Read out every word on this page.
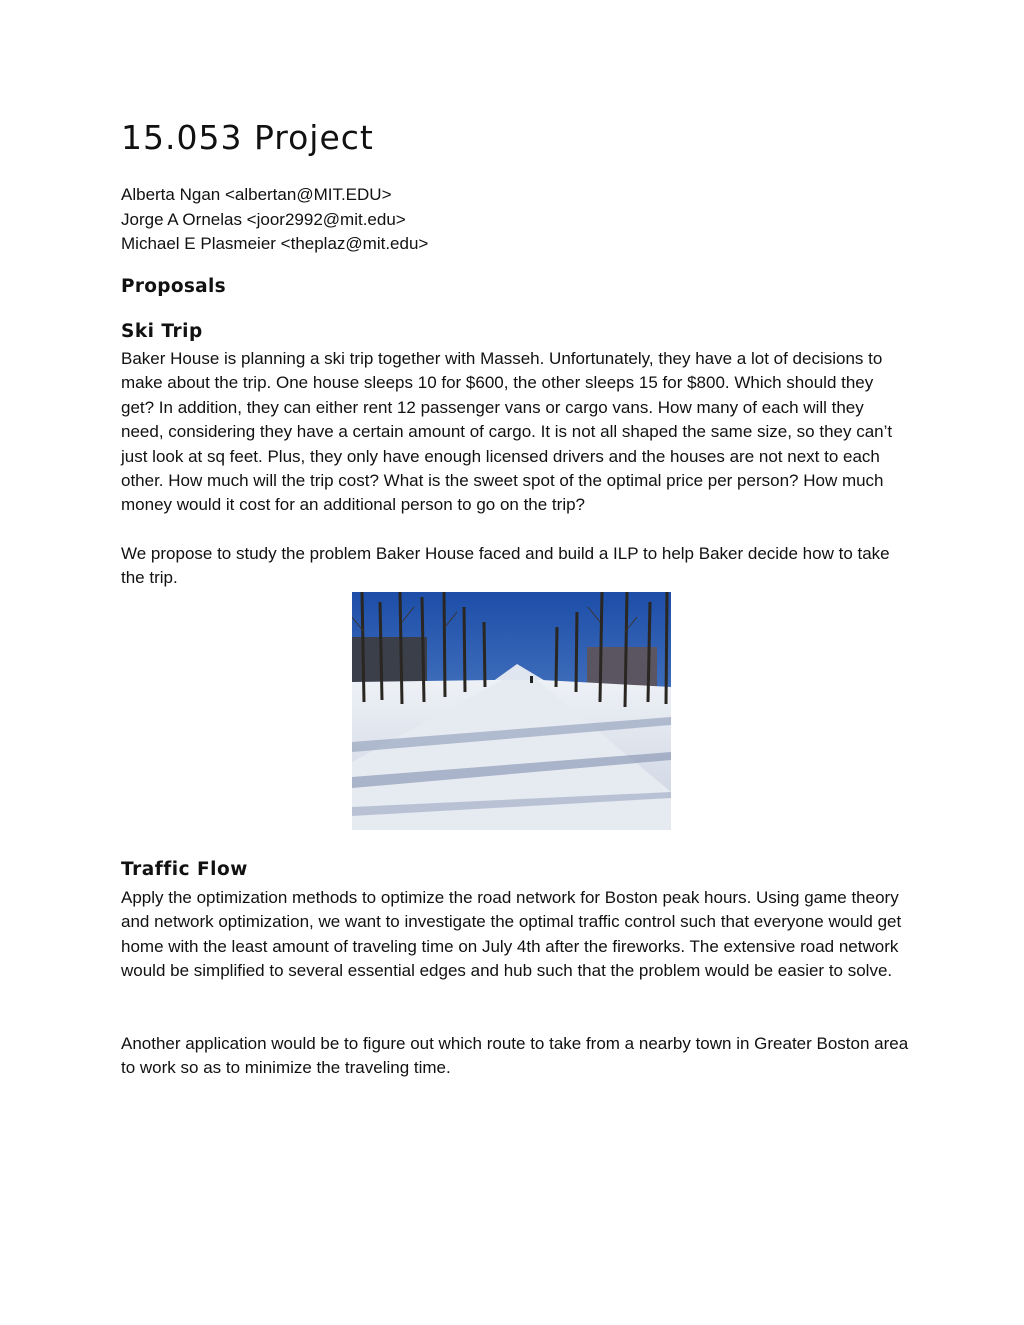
15.053 Project
Alberta Ngan <albertan@MIT.EDU>
Jorge A Ornelas <joor2992@mit.edu>
Michael E Plasmeier <theplaz@mit.edu>
Proposals
Ski Trip

Baker House is planning a ski trip together with Masseh. Unfortunately, they have a lot of decisions to make about the trip. One house sleeps 10 for $600, the other sleeps 15 for $800. Which should they get? In addition, they can either rent 12 passenger vans or cargo vans. How many of each will they need, considering they have a certain amount of cargo. It is not all shaped the same size, so they can’t just look at sq feet. Plus, they only have enough licensed drivers and the houses are not next to each other. How much will the trip cost? What is the sweet spot of the optimal price per person? How much money would it cost for an additional person to go on the trip?

We propose to study the problem Baker House faced and build a ILP to help Baker decide how to take the trip.

Traffic Flow

Apply the optimization methods to optimize the road network for Boston peak hours. Using game theory and network optimization, we want to investigate the optimal traffic control such that everyone would get home with the least amount of traveling time on July 4th after the fireworks. The extensive road network would be simplified to several essential edges and hub such that the problem would be easier to solve.

Another application would be to figure out which route to take from a nearby town in Greater Boston area to work so as to minimize the traveling time.
